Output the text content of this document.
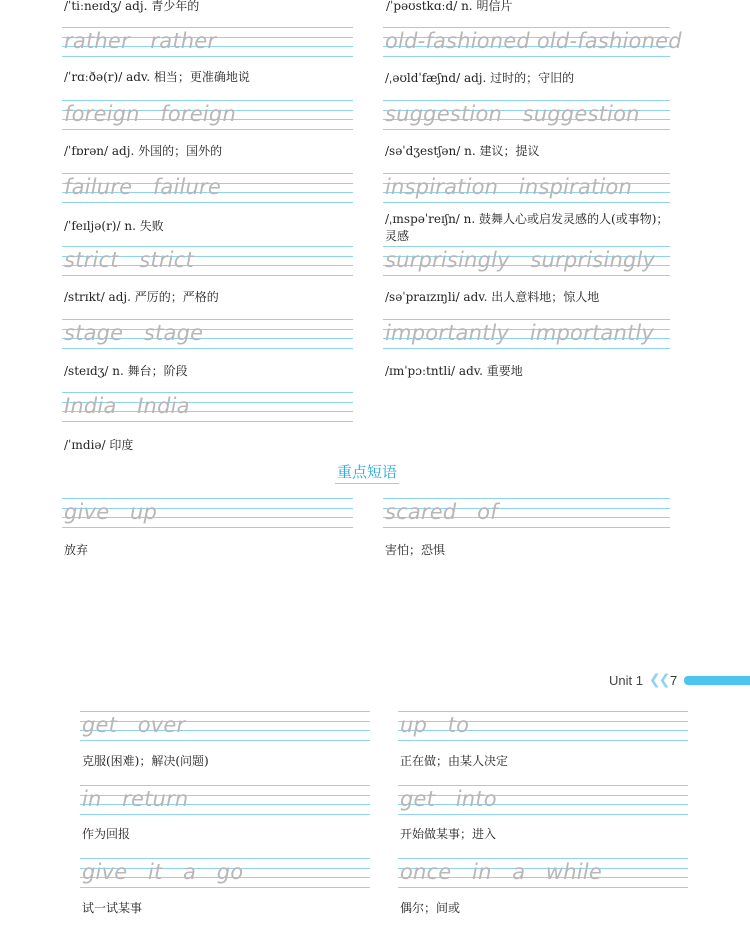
/ˈtiːneɪdʒ/ adj. 青少年的	/ˈpəʊstkɑːd/ n. 明信片
rather   rather
/ˈrɑːðə(r)/ adv. 相当；更准确地说
foreign   foreign
/ˈfɒrən/ adj. 外国的；国外的
failure   failure
/ˈfeɪljə(r)/ n. 失败
strict   strict
/strɪkt/ adj. 严厉的；严格的
stage   stage
/steɪdʒ/ n. 舞台；阶段
India   India
/ˈɪndiə/ 印度
old-fashioned old-fashioned
/ˌəʊldˈfæʃnd/ adj. 过时的；守旧的
suggestion   suggestion
/səˈdʒestʃən/ n. 建议；提议
inspiration   inspiration
/ˌɪnspəˈreɪʃn/ n. 鼓舞人心或启发灵感的人(或事物)；
灵感
surprisingly   surprisingly
/səˈpraɪzɪŋli/ adv. 出人意料地；惊人地
importantly   importantly
/ɪmˈpɔːtntli/ adv. 重要地
重点短语
give   up
放弃
scared   of
害怕；恐惧
Unit 1 ❮❮ 7
get   over
克服(困难)；解决(问题)
in   return
作为回报
give   it   a   go
试一试某事
up   to
正在做；由某人决定
get   into
开始做某事；进入
once   in   a   while
偶尔；间或
